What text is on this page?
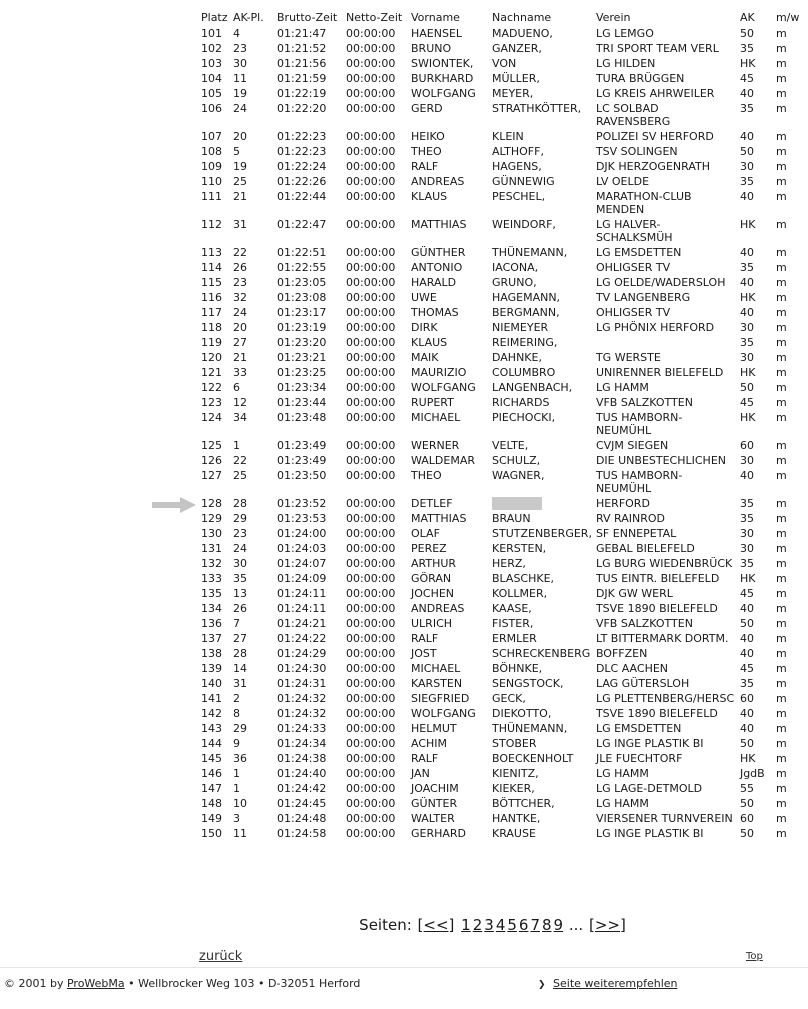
Platz	AK-Pl.	Brutto-Zeit	Netto-Zeit	Vorname	Nachname	Verein	AK	m/w
101	4	01:21:47	00:00:00	HAENSEL	MADUENO,	LG LEMGO	50	m
102	23	01:21:52	00:00:00	BRUNO	GANZER,	TRI SPORT TEAM VERL	35	m
103	30	01:21:56	00:00:00	SWIONTEK,	VON	LG HILDEN	HK	m
104	11	01:21:59	00:00:00	BURKHARD	MÜLLER,	TURA BRÜGGEN	45	m
105	19	01:22:19	00:00:00	WOLFGANG	MEYER,	LG KREIS AHRWEILER	40	m
106	24	01:22:20	00:00:00	GERD	STRATHKÖTTER,	LC SOLBAD RAVENSBERG	35	m
107	20	01:22:23	00:00:00	HEIKO	KLEIN	POLIZEI SV HERFORD	40	m
108	5	01:22:23	00:00:00	THEO	ALTHOFF,	TSV SOLINGEN	50	m
109	19	01:22:24	00:00:00	RALF	HAGENS,	DJK HERZOGENRATH	30	m
110	25	01:22:26	00:00:00	ANDREAS	GÜNNEWIG	LV OELDE	35	m
111	21	01:22:44	00:00:00	KLAUS	PESCHEL,	MARATHON-CLUB MENDEN	40	m
112	31	01:22:47	00:00:00	MATTHIAS	WEINDORF,	LG HALVER-SCHALKSMÜH	HK	m
113	22	01:22:51	00:00:00	GÜNTHER	THÜNEMANN,	LG EMSDETTEN	40	m
114	26	01:22:55	00:00:00	ANTONIO	IACONA,	OHLIGSER TV	35	m
115	23	01:23:05	00:00:00	HARALD	GRUNO,	LG OELDE/WADERSLOH	40	m
116	32	01:23:08	00:00:00	UWE	HAGEMANN,	TV LANGENBERG	HK	m
117	24	01:23:17	00:00:00	THOMAS	BERGMANN,	OHLIGSER TV	40	m
118	20	01:23:19	00:00:00	DIRK	NIEMEYER	LG PHÖNIX HERFORD	30	m
119	27	01:23:20	00:00:00	KLAUS	REIMERING,		35	m
120	21	01:23:21	00:00:00	MAIK	DAHNKE,	TG WERSTE	30	m
121	33	01:23:25	00:00:00	MAURIZIO	COLUMBRO	UNIRENNER BIELEFELD	HK	m
122	6	01:23:34	00:00:00	WOLFGANG	LANGENBACH,	LG HAMM	50	m
123	12	01:23:44	00:00:00	RUPERT	RICHARDS	VFB SALZKOTTEN	45	m
124	34	01:23:48	00:00:00	MICHAEL	PIECHOCKI,	TUS HAMBORN-NEUMÜHL	HK	m
125	1	01:23:49	00:00:00	WERNER	VELTE,	CVJM SIEGEN	60	m
126	22	01:23:49	00:00:00	WALDEMAR	SCHULZ,	DIE UNBESTECHLICHEN	30	m
127	25	01:23:50	00:00:00	THEO	WAGNER,	TUS HAMBORN-NEUMÜHL	40	m
128	28	01:23:52	00:00:00	DETLEF		HERFORD	35	m
129	29	01:23:53	00:00:00	MATTHIAS	BRAUN	RV RAINROD	35	m
130	23	01:24:00	00:00:00	OLAF	STUTZENBERGER,	SF ENNEPETAL	30	m
131	24	01:24:03	00:00:00	PEREZ	KERSTEN,	GEBAL BIELEFELD	30	m
132	30	01:24:07	00:00:00	ARTHUR	HERZ,	LG BURG WIEDENBRÜCK	35	m
133	35	01:24:09	00:00:00	GÖRAN	BLASCHKE,	TUS EINTR. BIELEFELD	HK	m
135	13	01:24:11	00:00:00	JOCHEN	KOLLMER,	DJK GW WERL	45	m
134	26	01:24:11	00:00:00	ANDREAS	KAASE,	TSVE 1890 BIELEFELD	40	m
136	7	01:24:21	00:00:00	ULRICH	FISTER,	VFB SALZKOTTEN	50	m
137	27	01:24:22	00:00:00	RALF	ERMLER	LT BITTERMARK DORTM.	40	m
138	28	01:24:29	00:00:00	JOST	SCHRECKENBERG	BOFFZEN	40	m
139	14	01:24:30	00:00:00	MICHAEL	BÖHNKE,	DLC AACHEN	45	m
140	31	01:24:31	00:00:00	KARSTEN	SENGSTOCK,	LAG GÜTERSLOH	35	m
141	2	01:24:32	00:00:00	SIEGFRIED	GECK,	LG PLETTENBERG/HERSC	60	m
142	8	01:24:32	00:00:00	WOLFGANG	DIEKOTTO,	TSVE 1890 BIELEFELD	40	m
143	29	01:24:33	00:00:00	HELMUT	THÜNEMANN,	LG EMSDETTEN	40	m
144	9	01:24:34	00:00:00	ACHIM	STOBER	LG INGE PLASTIK BI	50	m
145	36	01:24:38	00:00:00	RALF	BOECKENHOLT	JLE FUECHTORF	HK	m
146	1	01:24:40	00:00:00	JAN	KIENITZ,	LG HAMM	JgdB	m
147	1	01:24:42	00:00:00	JOACHIM	KIEKER,	LG LAGE-DETMOLD	55	m
148	10	01:24:45	00:00:00	GÜNTER	BÖTTCHER,	LG HAMM	50	m
149	3	01:24:48	00:00:00	WALTER	HANTKE,	VIERSENER TURNVEREIN	60	m
150	11	01:24:58	00:00:00	GERHARD	KRAUSE	LG INGE PLASTIK BI	50	m
Seiten: [<<] 1 2 3 4 5 6 7 8 9 ... [>>]
zurück	Top
© 2001 by ProWebMa • Wellbrocker Weg 103 • D-32051 Herford	❯ Seite weiterempfehlen
